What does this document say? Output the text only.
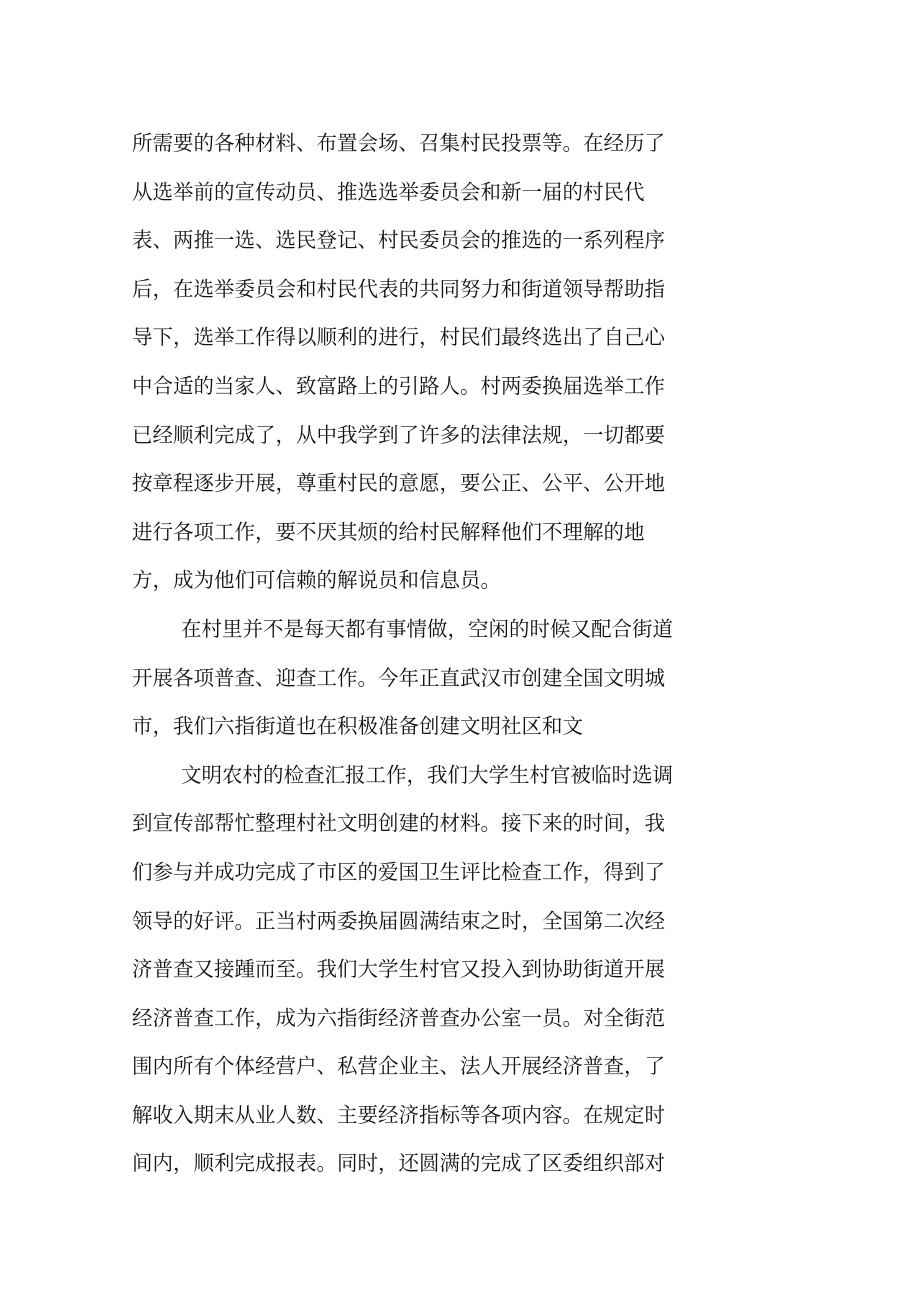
所需要的各种材料、布置会场、召集村民投票等。在经历了
从选举前的宣传动员、推选选举委员会和新一届的村民代
表、两推一选、选民登记、村民委员会的推选的一系列程序
后，在选举委员会和村民代表的共同努力和街道领导帮助指
导下，选举工作得以顺利的进行，村民们最终选出了自己心
中合适的当家人、致富路上的引路人。村两委换届选举工作
已经顺利完成了，从中我学到了许多的法律法规，一切都要
按章程逐步开展，尊重村民的意愿，要公正、公平、公开地
进行各项工作，要不厌其烦的给村民解释他们不理解的地
方，成为他们可信赖的解说员和信息员。
在村里并不是每天都有事情做，空闲的时候又配合街道
开展各项普查、迎查工作。今年正直武汉市创建全国文明城
市，我们六指街道也在积极准备创建文明社区和文
文明农村的检查汇报工作，我们大学生村官被临时选调
到宣传部帮忙整理村社文明创建的材料。接下来的时间，我
们参与并成功完成了市区的爱国卫生评比检查工作，得到了
领导的好评。正当村两委换届圆满结束之时，全国第二次经
济普查又接踵而至。我们大学生村官又投入到协助街道开展
经济普查工作，成为六指街经济普查办公室一员。对全街范
围内所有个体经营户、私营企业主、法人开展经济普查，了
解收入期末从业人数、主要经济指标等各项内容。在规定时
间内，顺利完成报表。同时，还圆满的完成了区委组织部对
